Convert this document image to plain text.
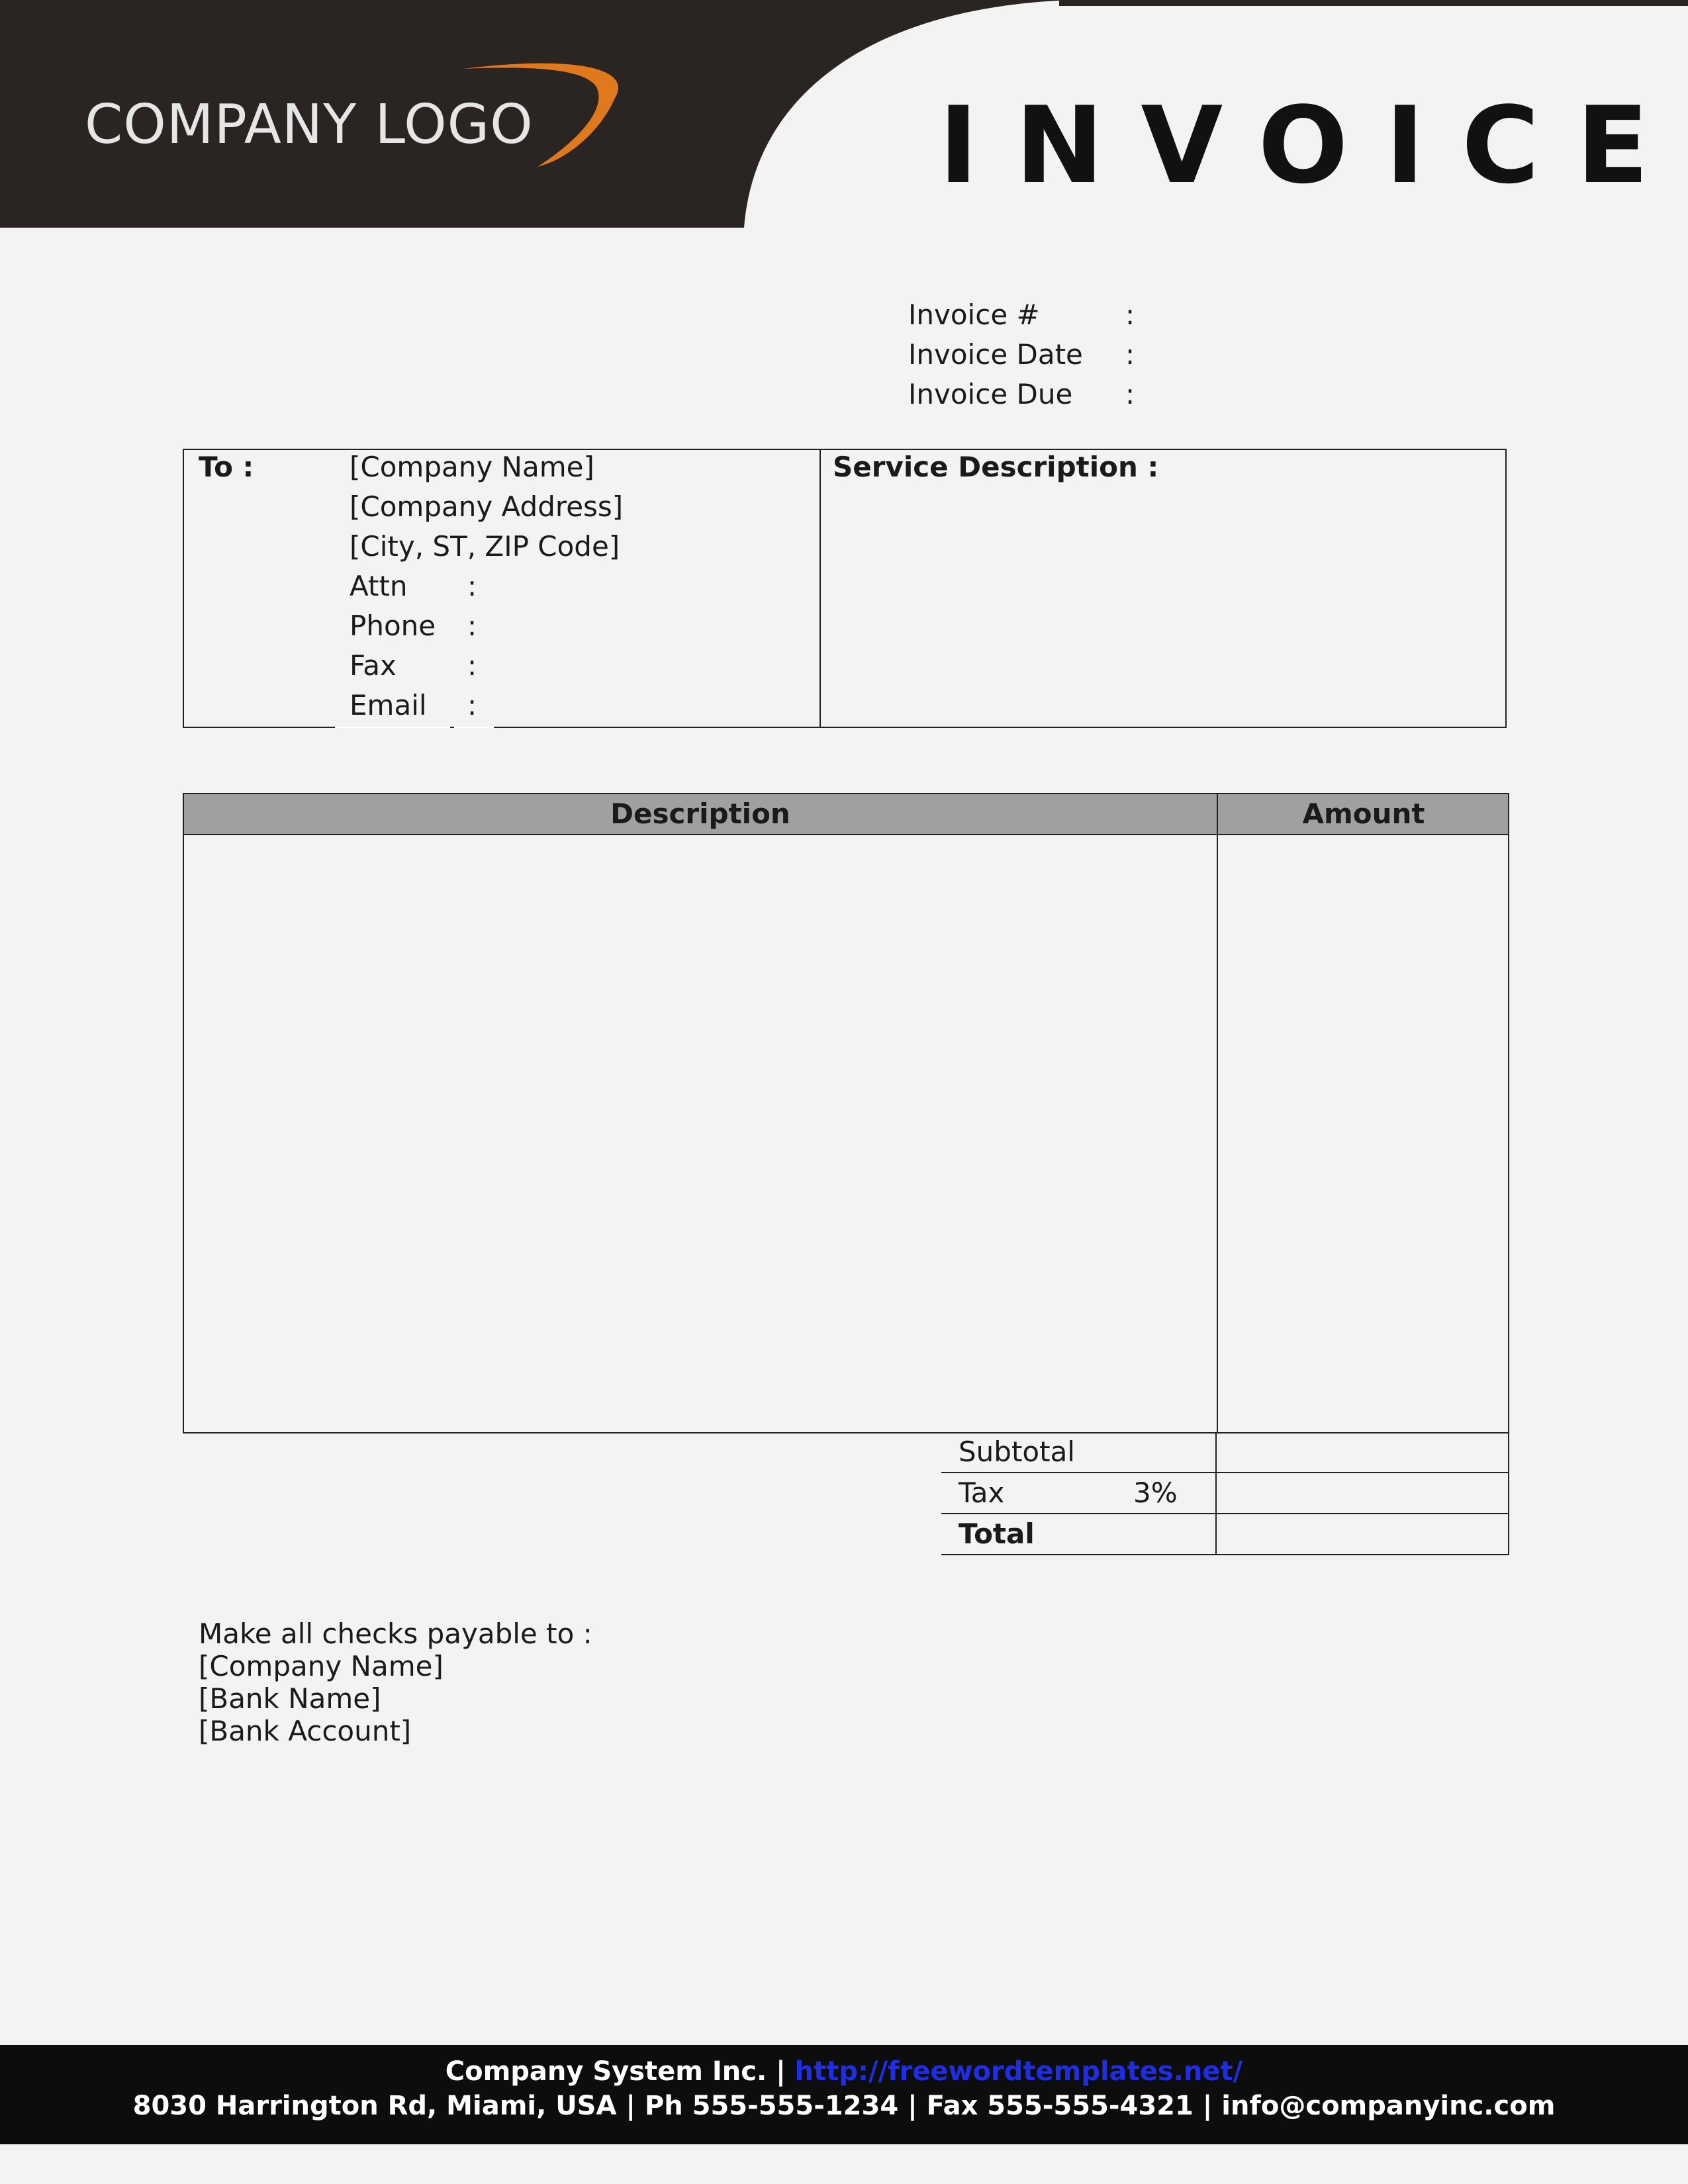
COMPANY LOGO	INVOICE
Invoice #	:
Invoice Date :
Invoice Due :
To :	[Company Name]
[Company Address]
[City, ST, ZIP Code]
Attn :
Phone :
Fax	:
Email :
Service Description :
Description	Amount
Subtotal
Tax	3%
Total
Make all checks payable to :
[Company Name]
[Bank Name]
[Bank Account]
Company System Inc. | http://freewordtemplates.net/
8030 Harrington Rd, Miami, USA | Ph 555-555-1234 | Fax 555-555-4321 | info@companyinc.com
